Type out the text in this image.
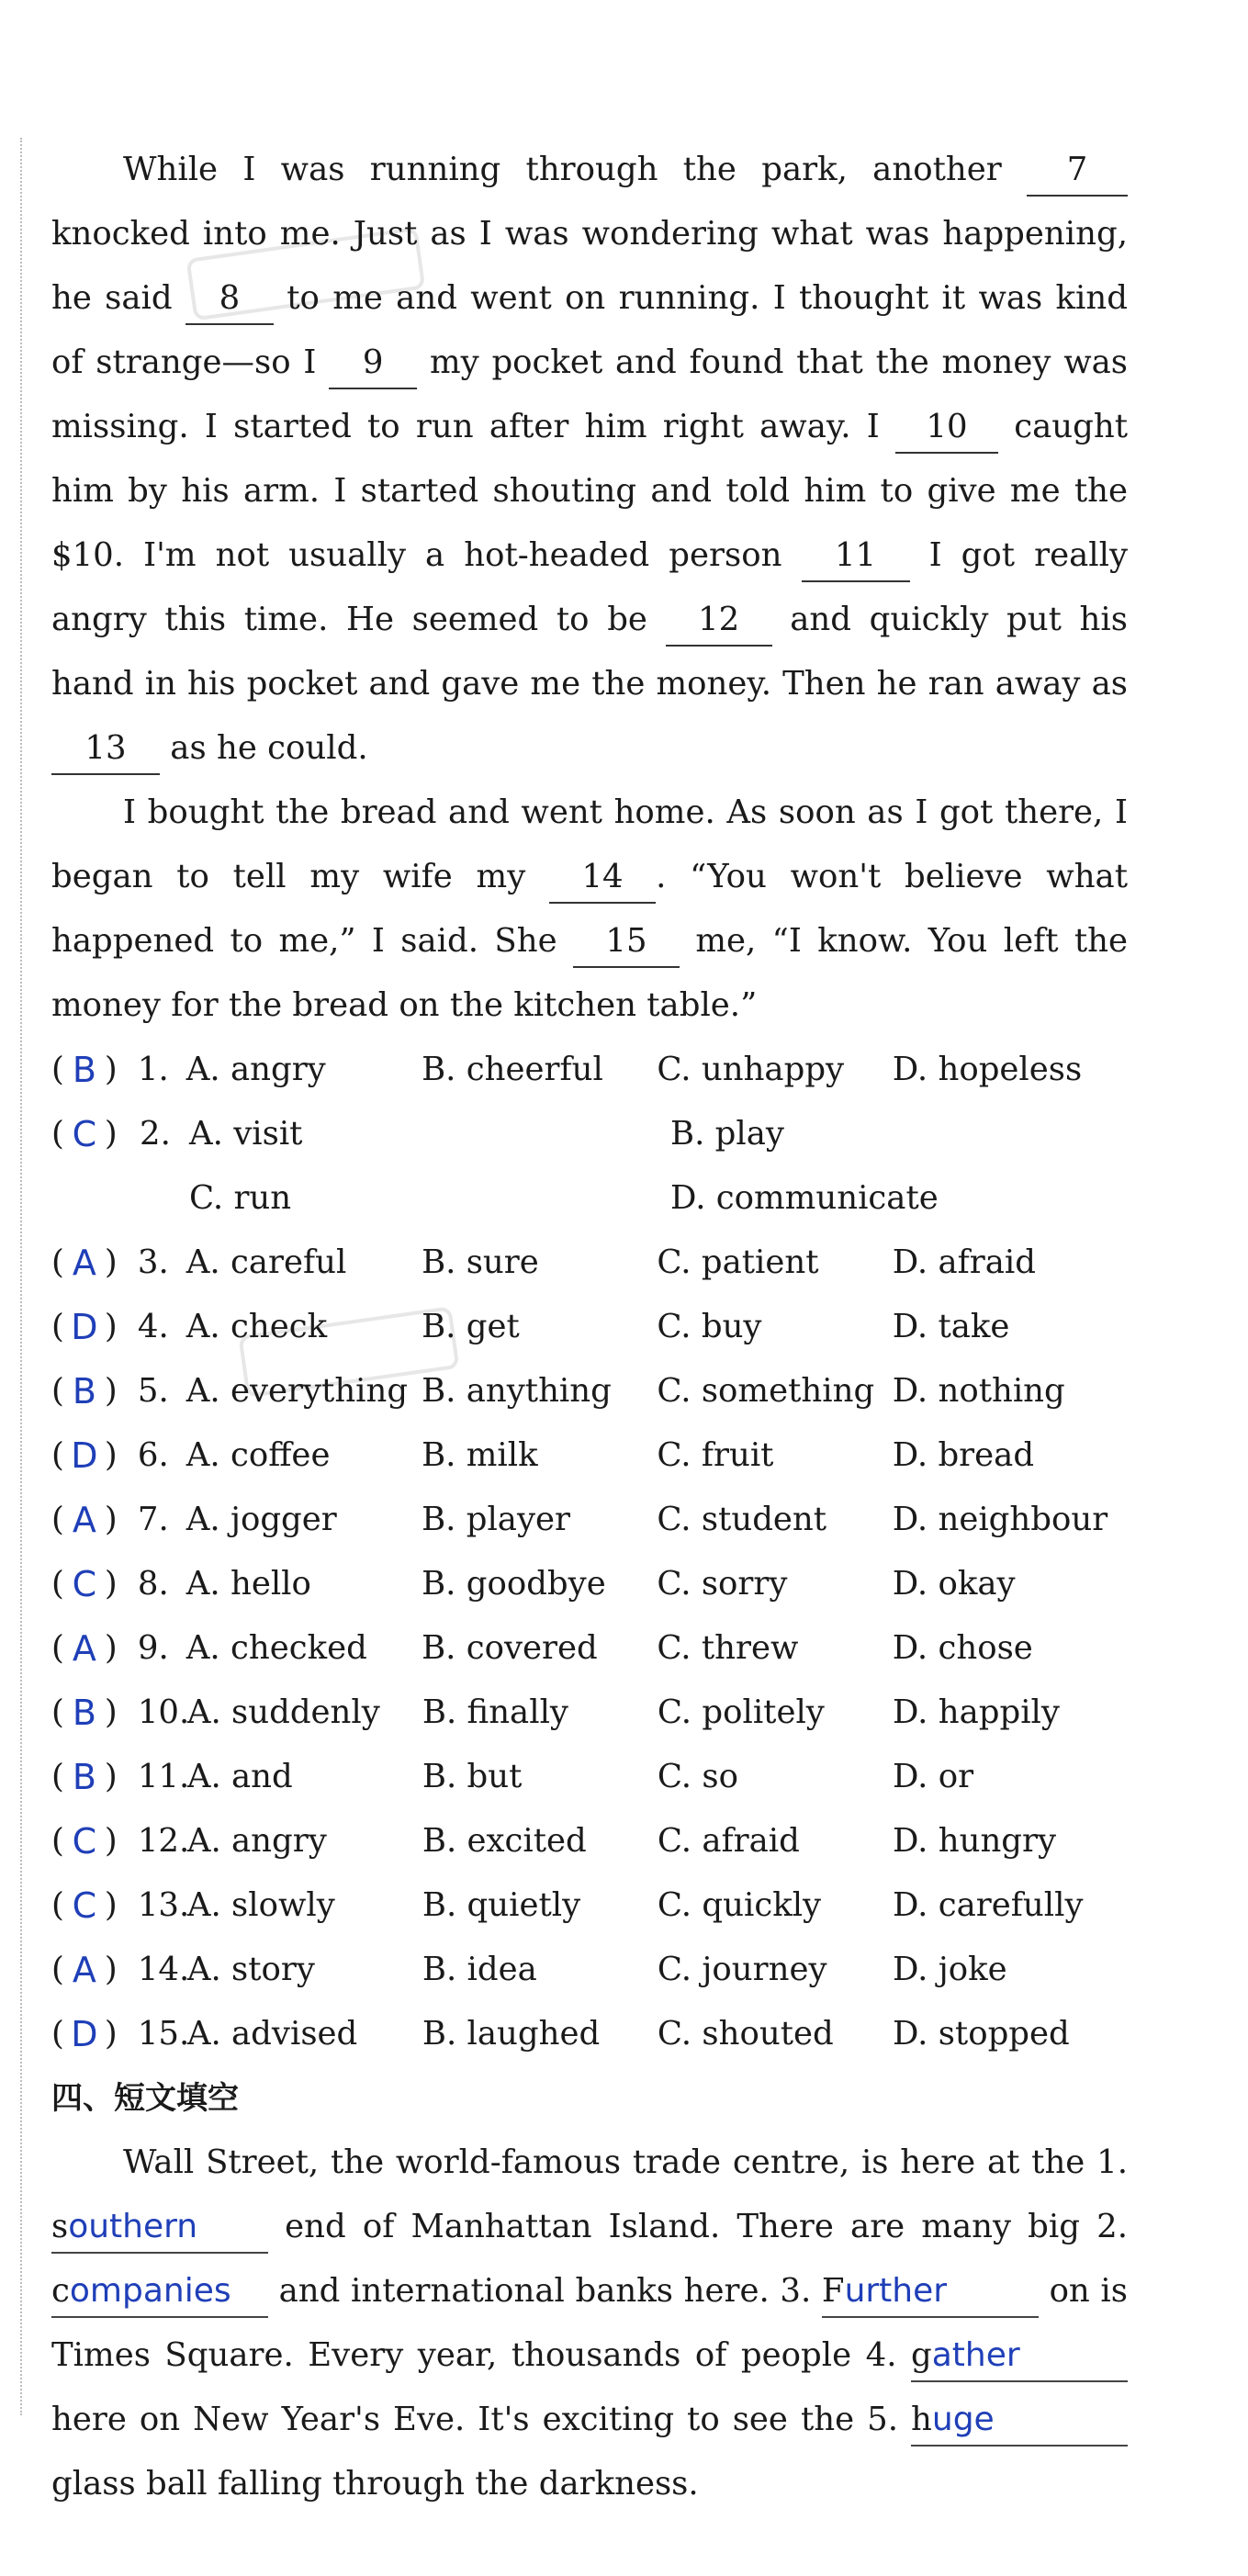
While I was running through the park, another 7 knocked into me. Just as I was wondering what was happening, he said 8 to me and went on running. I thought it was kind of strange—so I 9 my pocket and found that the money was missing. I started to run after him right away. I 10 caught him by his arm. I started shouting and told him to give me the $10. I'm not usually a hot-headed person 11 I got really angry this time. He seemed to be 12 and quickly put his hand in his pocket and gave me the money. Then he ran away as 13 as he could.

I bought the bread and went home. As soon as I got there, I began to tell my wife my 14 . “You won't believe what happened to me,” I said. She 15 me, “I know. You left the money for the bread on the kitchen table.”

( B ) 1. A. angry	B. cheerful	C. unhappy	D. hopeless
( C ) 2. A. visit	B. play
C. run	D. communicate
( A ) 3. A. careful	B. sure	C. patient	D. afraid
( D ) 4. A. check	B. get	C. buy	D. take
( B ) 5. A. everything B. anything	C. something D. nothing
( D ) 6. A. coffee	B. milk	C. fruit	D. bread
( A ) 7. A. jogger	B. player	C. student	D. neighbour
( C ) 8. A. hello	B. goodbye	C. sorry	D. okay
( A ) 9. A. checked	B. covered	C. threw	D. chose
( B ) 10.
A. suddenly	B. finally	C. politely	D. happily
( B ) 11.
A. and	B. but	C. so	D. or
( C ) 12.
A. angry	B. excited	C. afraid	D. hungry
( C ) 13.
A. slowly	B. quietly	C. quickly	D. carefully
( A ) 14.
A. story	B. idea	C. journey	D. joke
( D ) 15.
A. advised	B. laughed	C. shouted	D. stopped

四、短文填空

Wall Street, the world-famous trade centre, is here at the 1. southern	end of Manhattan Island. There are many big 2. companies and international banks here. 3. Further	on is Times Square. Every year, thousands of people 4. gather here on New Year's Eve. It's exciting to see the 5. huge glass ball falling through the darkness.
